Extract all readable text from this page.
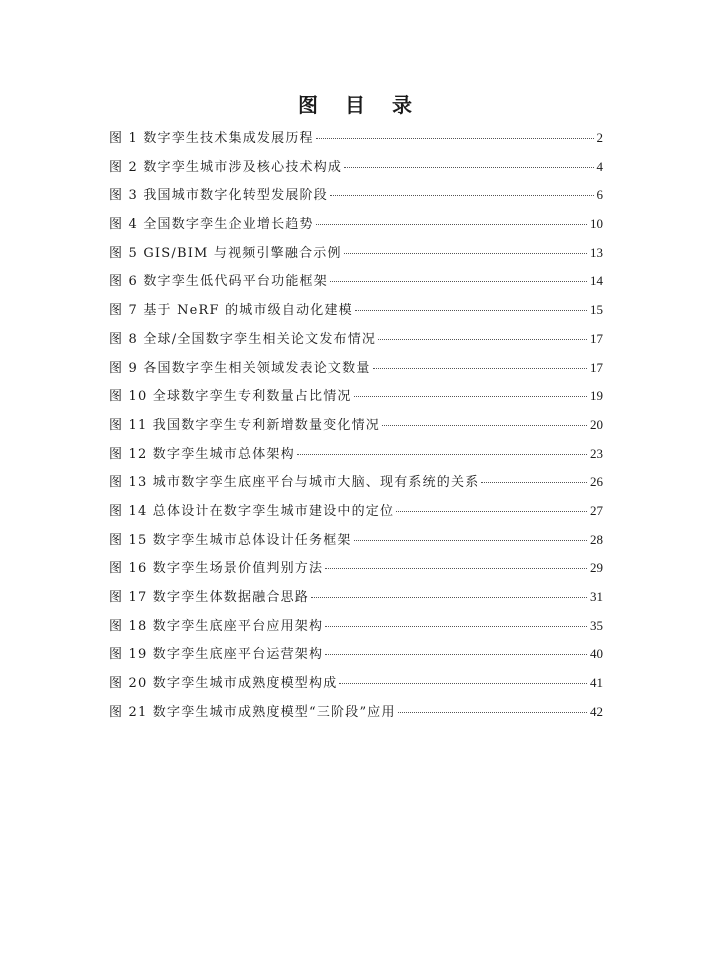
图 目 录
图 1 数字孪生技术集成发展历程	2
图 2 数字孪生城市涉及核心技术构成	4
图 3 我国城市数字化转型发展阶段	6
图 4 全国数字孪生企业增长趋势	10
图 5 GIS/BIM 与视频引擎融合示例	13
图 6 数字孪生低代码平台功能框架	14
图 7 基于 NeRF 的城市级自动化建模	15
图 8 全球/全国数字孪生相关论文发布情况	17
图 9 各国数字孪生相关领域发表论文数量	17
图 10 全球数字孪生专利数量占比情况	19
图 11 我国数字孪生专利新增数量变化情况	20
图 12 数字孪生城市总体架构	23
图 13 城市数字孪生底座平台与城市大脑、现有系统的关系	26
图 14 总体设计在数字孪生城市建设中的定位	27
图 15 数字孪生城市总体设计任务框架	28
图 16 数字孪生场景价值判别方法	29
图 17 数字孪生体数据融合思路	31
图 18 数字孪生底座平台应用架构	35
图 19 数字孪生底座平台运营架构	40
图 20 数字孪生城市成熟度模型构成	41
图 21 数字孪生城市成熟度模型“三阶段”应用	42
